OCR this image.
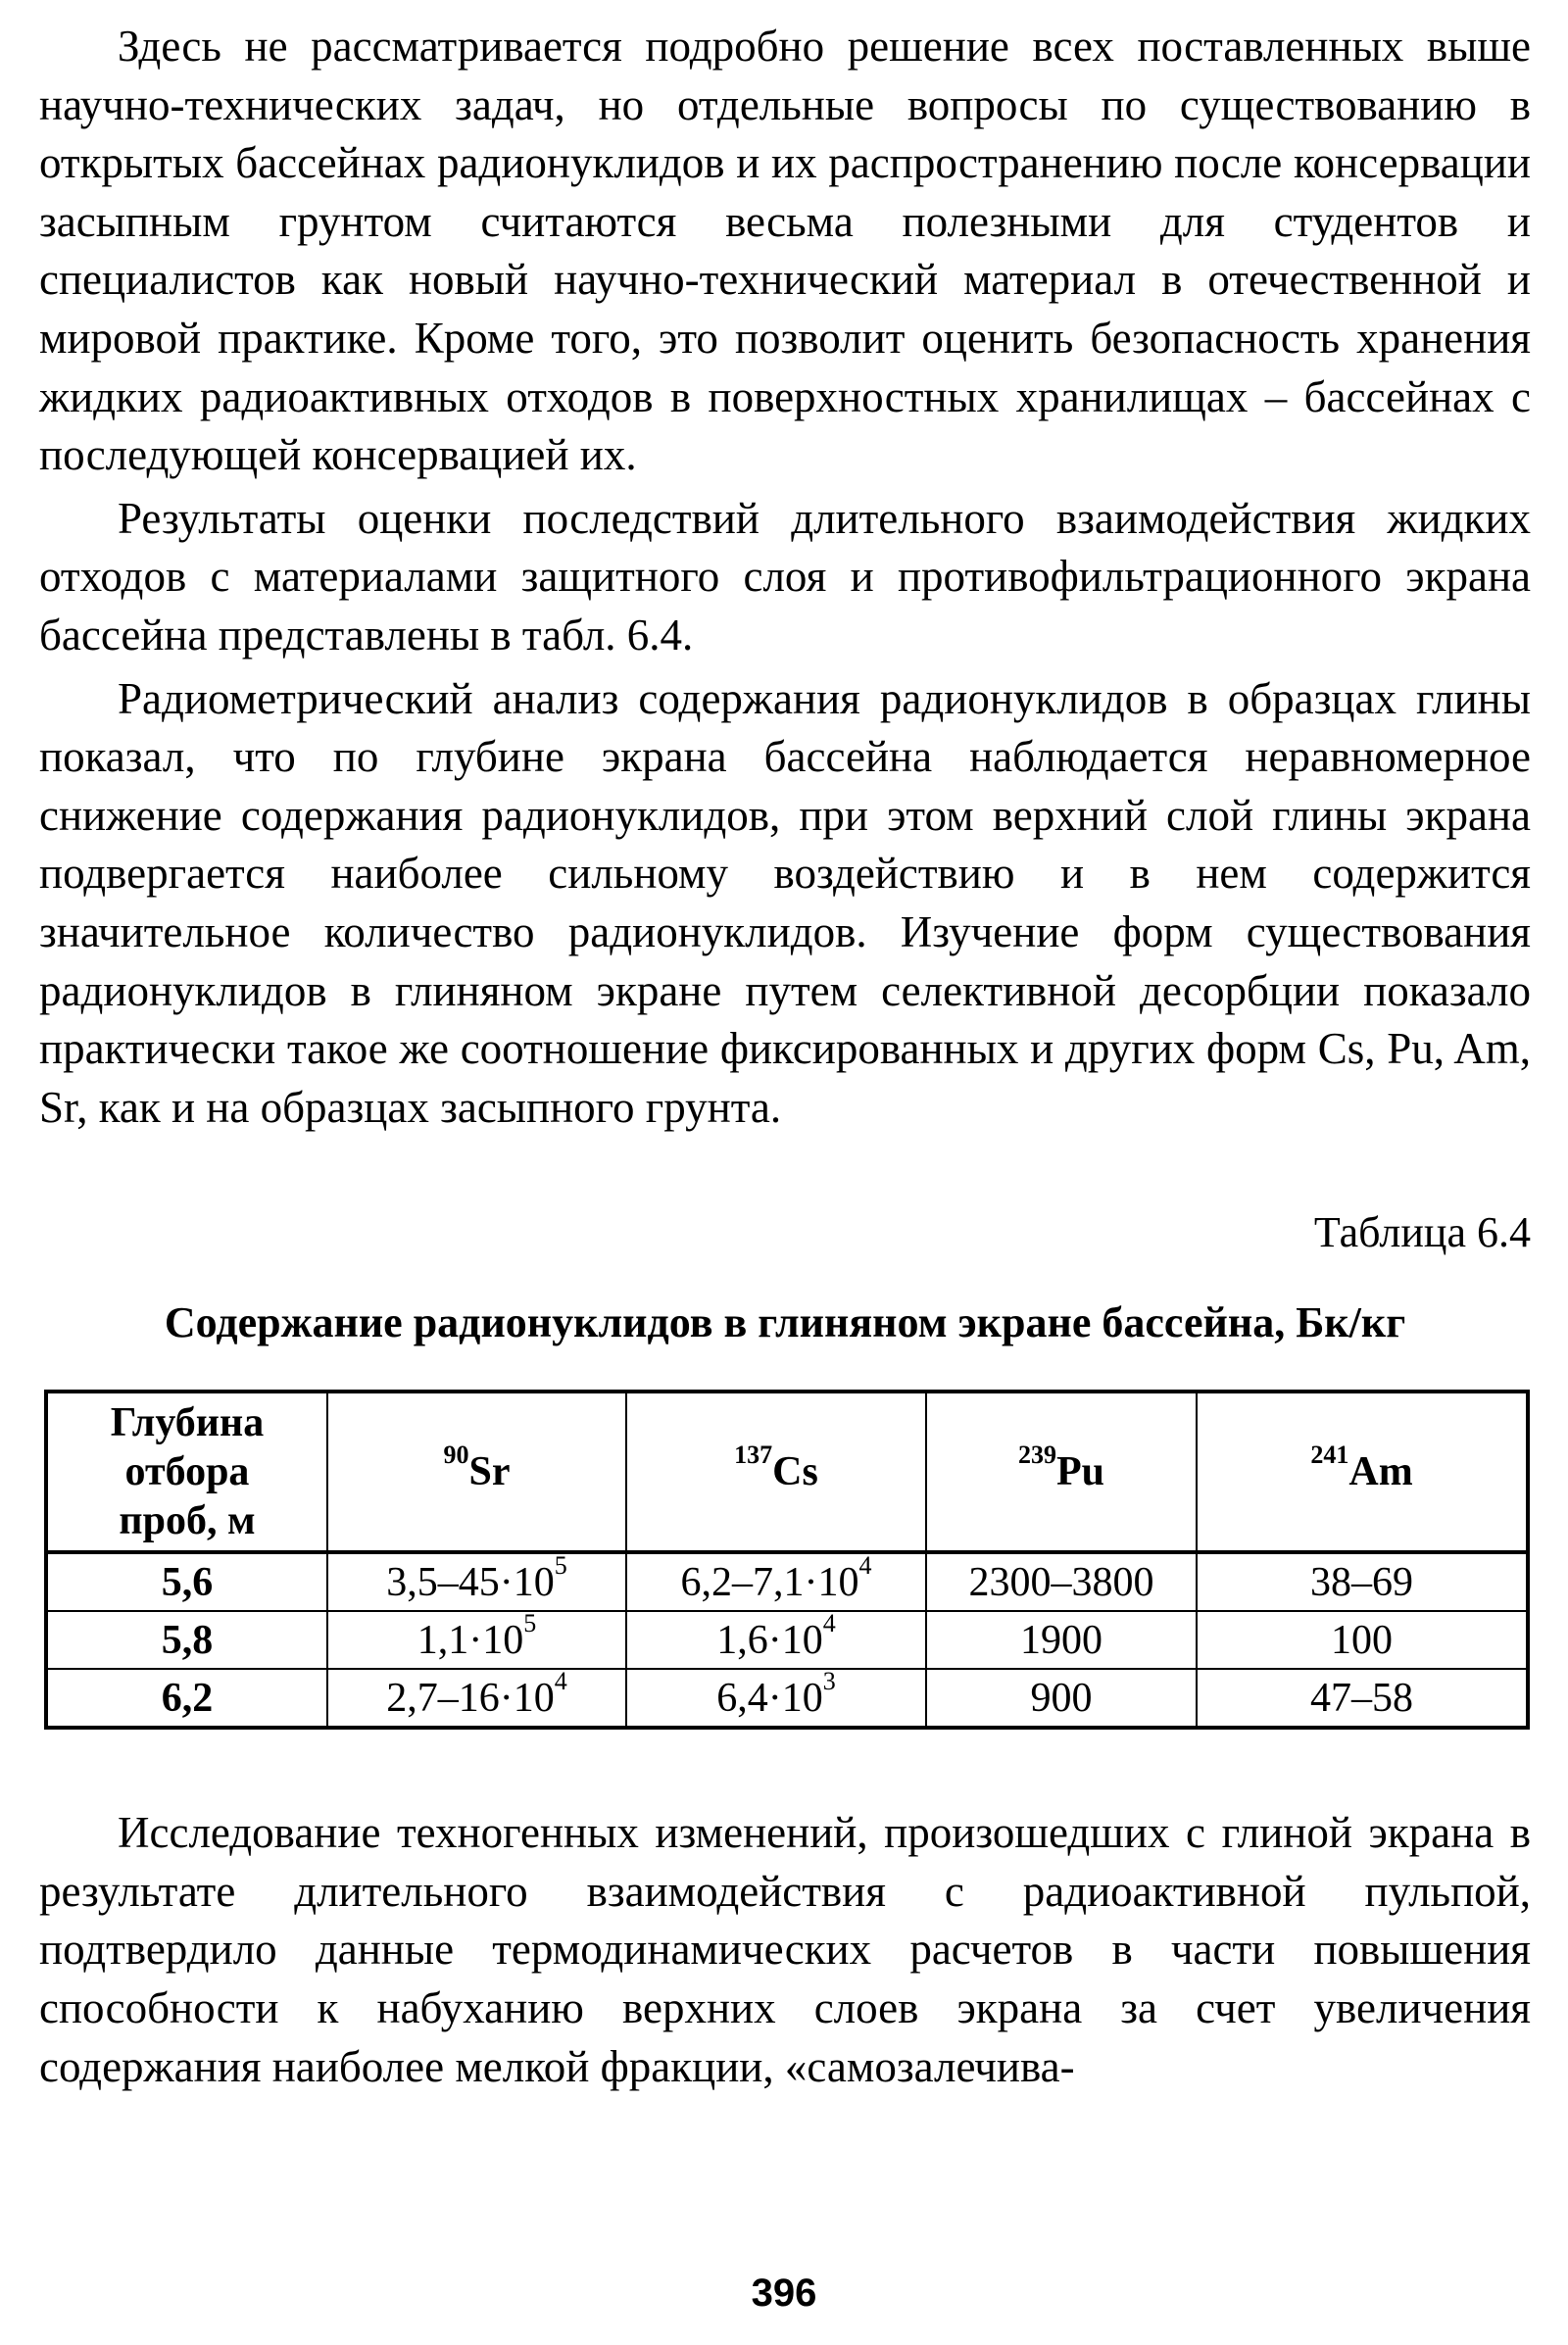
Здесь не рассматривается подробно решение всех поставленных выше научно-технических задач, но отдельные вопросы по существованию в открытых бассейнах радионуклидов и их распространению после консервации засыпным грунтом считаются весьма полезными для студентов и специалистов как новый научно-технический материал в отечественной и мировой практике. Кроме того, это позволит оценить безопасность хранения жидких радиоактивных отходов в поверхностных хранилищах – бассейнах с последующей консервацией их.

Результаты оценки последствий длительного взаимодействия жидких отходов с материалами защитного слоя и противофильтрационного экрана бассейна представлены в табл. 6.4.

Радиометрический анализ содержания радионуклидов в образцах глины показал, что по глубине экрана бассейна наблюдается неравномерное снижение содержания радионуклидов, при этом верхний слой глины экрана подвергается наиболее сильному воздействию и в нем содержится значительное количество радионуклидов. Изучение форм существования радионуклидов в глиняном экране путем селективной десорбции показало практически такое же соотношение фиксированных и других форм Cs, Pu, Am, Sr, как и на образцах засыпного грунта.

Таблица 6.4
Содержание радионуклидов в глиняном экране бассейна, Бк/кг
Глубина
отбора
проб, м	$^{90}$Sr	$^{137}$Cs	$^{239}$Pu	$^{241}$Am
5,6	$3,5-45\cdot 10^5$	$6,2-7,1\cdot 10^4$	2300–3800	38–69
5,8	$1,1\cdot 10^5$	$1,6\cdot 10^4$	1900	100
6,2	$2,7-16\cdot 10^4$	$6,4\cdot 10^3$	900	47–58

Исследование техногенных изменений, произошедших с глиной экрана в результате длительного взаимодействия с радиоактивной пульпой, подтвердило данные термодинамических расчетов в части повышения способности к набуханию верхних слоев экрана за счет увеличения содержания наиболее мелкой фракции, «самозалечива-

396
